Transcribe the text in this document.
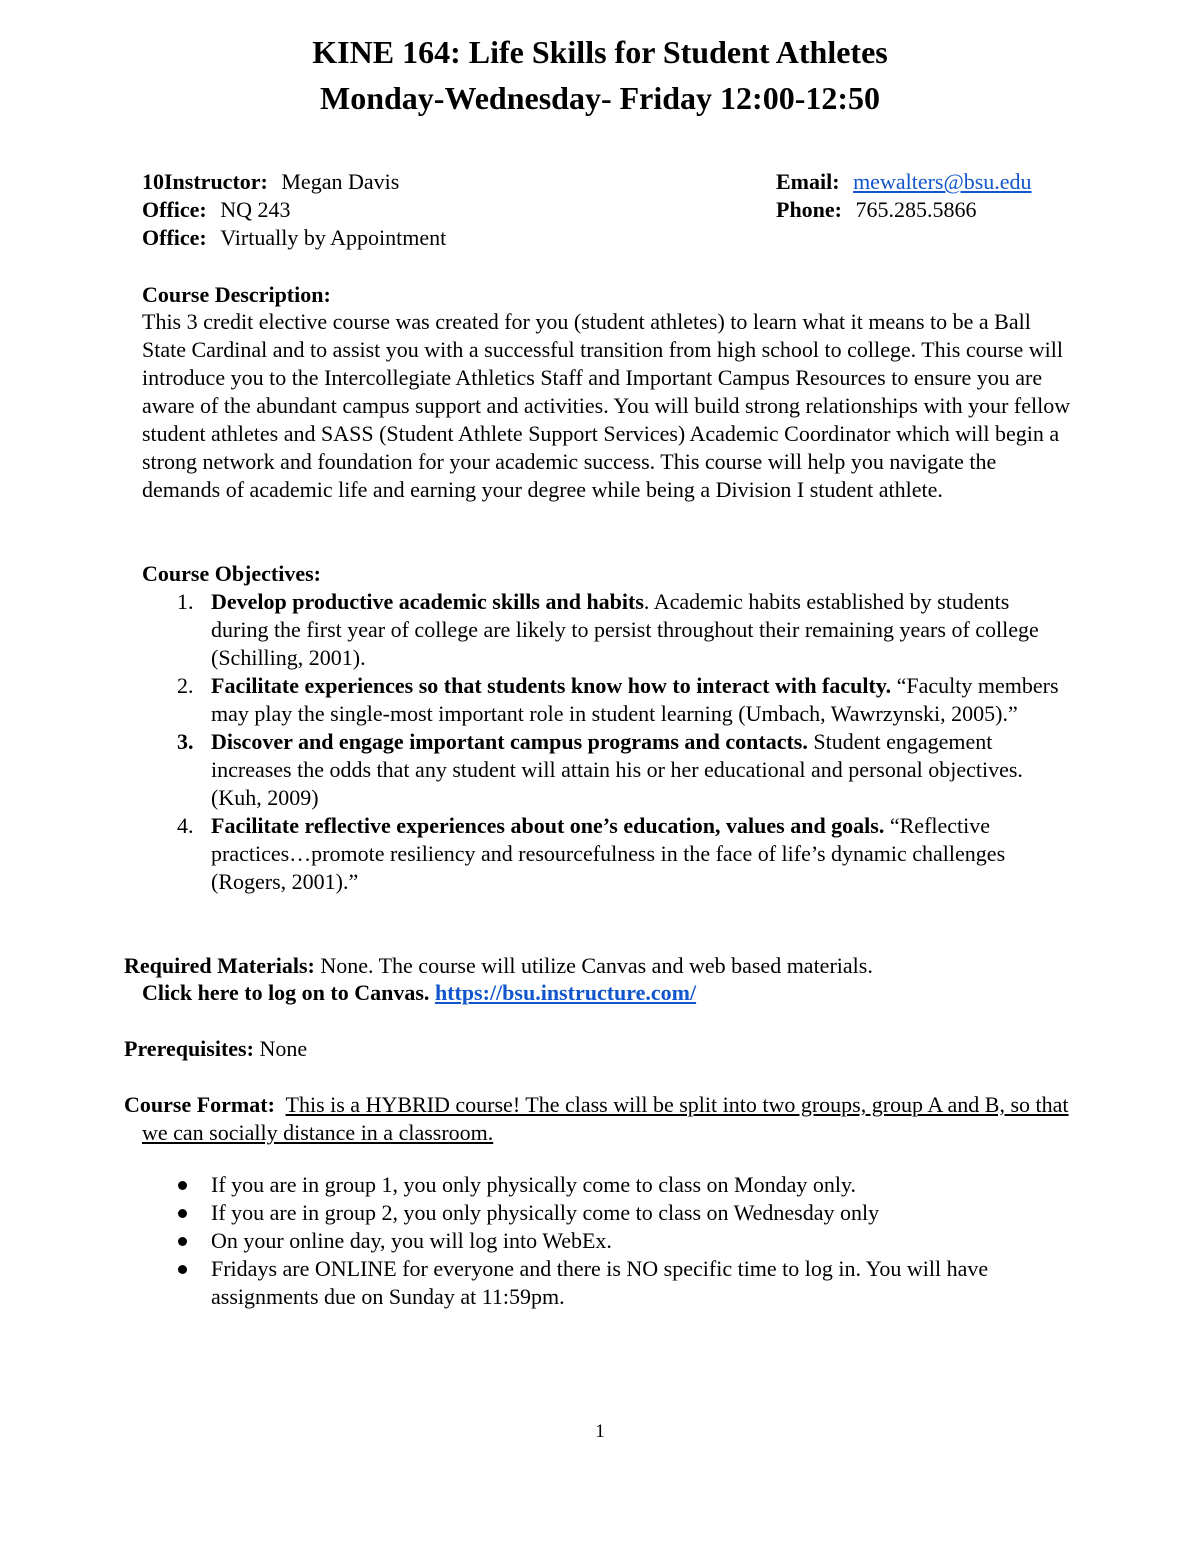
KINE 164: Life Skills for Student Athletes
Monday-Wednesday- Friday 12:00-12:50
10Instructor: Megan Davis
Office: NQ 243
Office: Virtually by Appointment
Email: mewalters@bsu.edu
Phone: 765.285.5866
Course Description:

This 3 credit elective course was created for you (student athletes) to learn what it means to be a Ball State Cardinal and to assist you with a successful transition from high school to college. This course will introduce you to the Intercollegiate Athletics Staff and Important Campus Resources to ensure you are aware of the abundant campus support and activities. You will build strong relationships with your fellow student athletes and SASS (Student Athlete Support Services) Academic Coordinator which will begin a strong network and foundation for your academic success. This course will help you navigate the demands of academic life and earning your degree while being a Division I student athlete.

Course Objectives:
1. Develop productive academic skills and habits. Academic habits established by students during the first year of college are likely to persist throughout their remaining years of college (Schilling, 2001).
2. Facilitate experiences so that students know how to interact with faculty. “Faculty members may play the single-most important role in student learning (Umbach, Wawrzynski, 2005).”
3. Discover and engage important campus programs and contacts. Student engagement increases the odds that any student will attain his or her educational and personal objectives. (Kuh, 2009)
4. Facilitate reflective experiences about one’s education, values and goals. “Reflective practices…promote resiliency and resourcefulness in the face of life’s dynamic challenges (Rogers, 2001).”
Required Materials: None. The course will utilize Canvas and web based materials.
Click here to log on to Canvas. https://bsu.instructure.com/
Prerequisites: None

Course Format: This is a HYBRID course! The class will be split into two groups, group A and B, so that we can socially distance in a classroom.

If you are in group 1, you only physically come to class on Monday only.
If you are in group 2, you only physically come to class on Wednesday only
On your online day, you will log into WebEx.
Fridays are ONLINE for everyone and there is NO specific time to log in. You will have assignments due on Sunday at 11:59pm.
1
